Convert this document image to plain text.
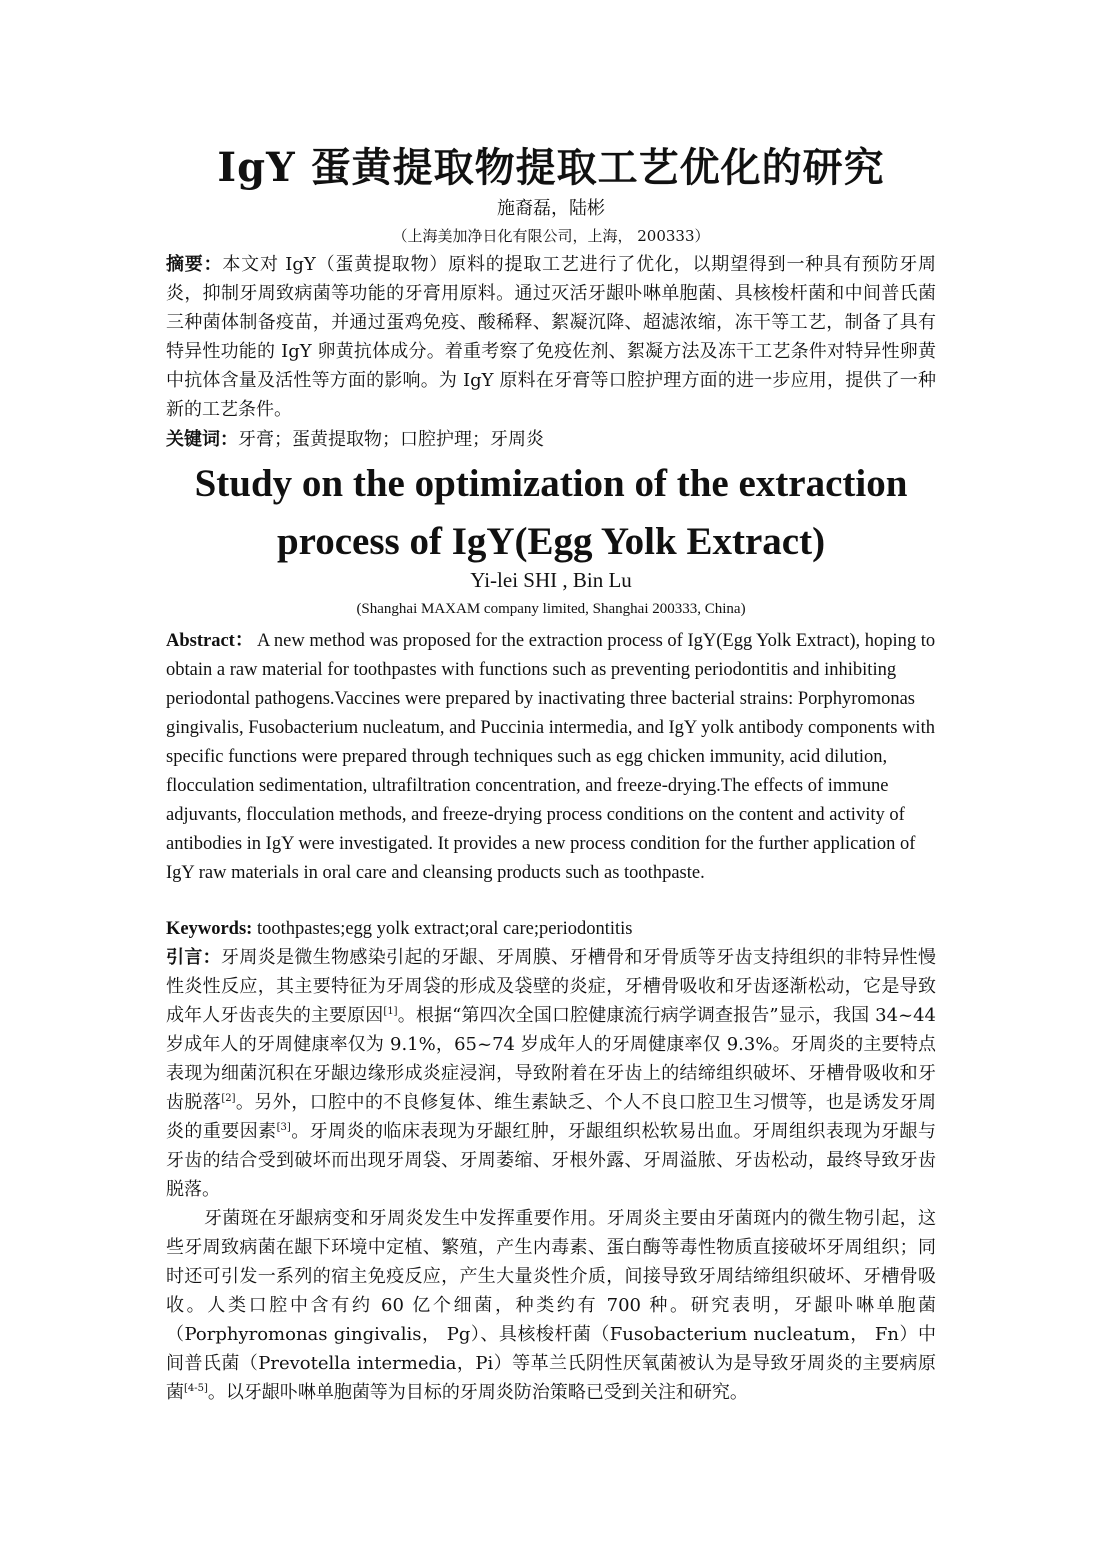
IgY 蛋黄提取物提取工艺优化的研究
施裔磊，陆彬
（上海美加净日化有限公司，上海， 200333）
摘要：本文对 IgY（蛋黄提取物）原料的提取工艺进行了优化，以期望得到一种具有预防牙周炎，抑制牙周致病菌等功能的牙膏用原料。通过灭活牙龈卟啉单胞菌、具核梭杆菌和中间普氏菌三种菌体制备疫苗，并通过蛋鸡免疫、酸稀释、絮凝沉降、超滤浓缩，冻干等工艺，制备了具有特异性功能的 IgY 卵黄抗体成分。着重考察了免疫佐剂、絮凝方法及冻干工艺条件对特异性卵黄中抗体含量及活性等方面的影响。为 IgY 原料在牙膏等口腔护理方面的进一步应用，提供了一种新的工艺条件。
关键词：牙膏；蛋黄提取物；口腔护理；牙周炎
Study on the optimization of the extraction
process of IgY(Egg Yolk Extract)
Yi-lei SHI , Bin Lu
(Shanghai MAXAM company limited, Shanghai 200333, China)
Abstract： A new method was proposed for the extraction process of IgY(Egg Yolk Extract), hoping to obtain a raw material for toothpastes with functions such as preventing periodontitis and inhibiting periodontal pathogens.Vaccines were prepared by inactivating three bacterial strains: Porphyromonas gingivalis, Fusobacterium nucleatum, and Puccinia intermedia, and IgY yolk antibody components with specific functions were prepared through techniques such as egg chicken immunity, acid dilution, flocculation sedimentation, ultrafiltration concentration, and freeze-drying.The effects of immune adjuvants, flocculation methods, and freeze-drying process conditions on the content and activity of antibodies in IgY were investigated. It provides a new process condition for the further application of IgY raw materials in oral care and cleansing products such as toothpaste.
Keywords: toothpastes;egg yolk extract;oral care;periodontitis

引言：牙周炎是微生物感染引起的牙龈、牙周膜、牙槽骨和牙骨质等牙齿支持组织的非特异性慢性炎性反应，其主要特征为牙周袋的形成及袋壁的炎症，牙槽骨吸收和牙齿逐渐松动，它是导致成年人牙齿丧失的主要原因[1]。根据“第四次全国口腔健康流行病学调查报告”显示，我国 34~44 岁成年人的牙周健康率仅为 9.1%，65~74 岁成年人的牙周健康率仅 9.3%。牙周炎的主要特点表现为细菌沉积在牙龈边缘形成炎症浸润，导致附着在牙齿上的结缔组织破坏、牙槽骨吸收和牙齿脱落[2]。另外，口腔中的不良修复体、维生素缺乏、个人不良口腔卫生习惯等，也是诱发牙周炎的重要因素[3]。牙周炎的临床表现为牙龈红肿，牙龈组织松软易出血。牙周组织表现为牙龈与牙齿的结合受到破坏而出现牙周袋、牙周萎缩、牙根外露、牙周溢脓、牙齿松动，最终导致牙齿脱落。

牙菌斑在牙龈病变和牙周炎发生中发挥重要作用。牙周炎主要由牙菌斑内的微生物引起，这些牙周致病菌在龈下环境中定植、繁殖，产生内毒素、蛋白酶等毒性物质直接破坏牙周组织；同时还可引发一系列的宿主免疫反应，产生大量炎性介质，间接导致牙周结缔组织破坏、牙槽骨吸收。人类口腔中含有约 60 亿个细菌，种类约有 700 种。研究表明，牙龈卟啉单胞菌（Porphyromonas gingivalis， Pg）、具核梭杆菌（Fusobacterium nucleatum， Fn）中间普氏菌（Prevotella intermedia，Pi）等革兰氏阴性厌氧菌被认为是导致牙周炎的主要病原菌[4-5]。以牙龈卟啉单胞菌等为目标的牙周炎防治策略已受到关注和研究。
